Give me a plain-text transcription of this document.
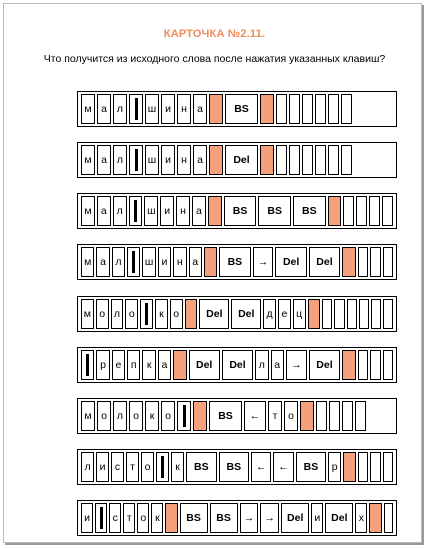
КАРТОЧКА №2.11.
Что получится из исходного слова после нажатия указанных клавиш?
м а л	ш и н а	BS
м а л	ш и н а	Del
м а л	ш и н а	BS	BS	BS
м а л	ш и н а	BS	→	Del	Del
м о л о	к о	Del	Del	д е ц
р е п к а	Del	Del	л а	→	Del
м о л о	к	о	BS	←	т	о
л и с т о	к	BS	BS	←	←	BS	р
и	с т о к	BS	BS	→ →	Del	и	Del	х
